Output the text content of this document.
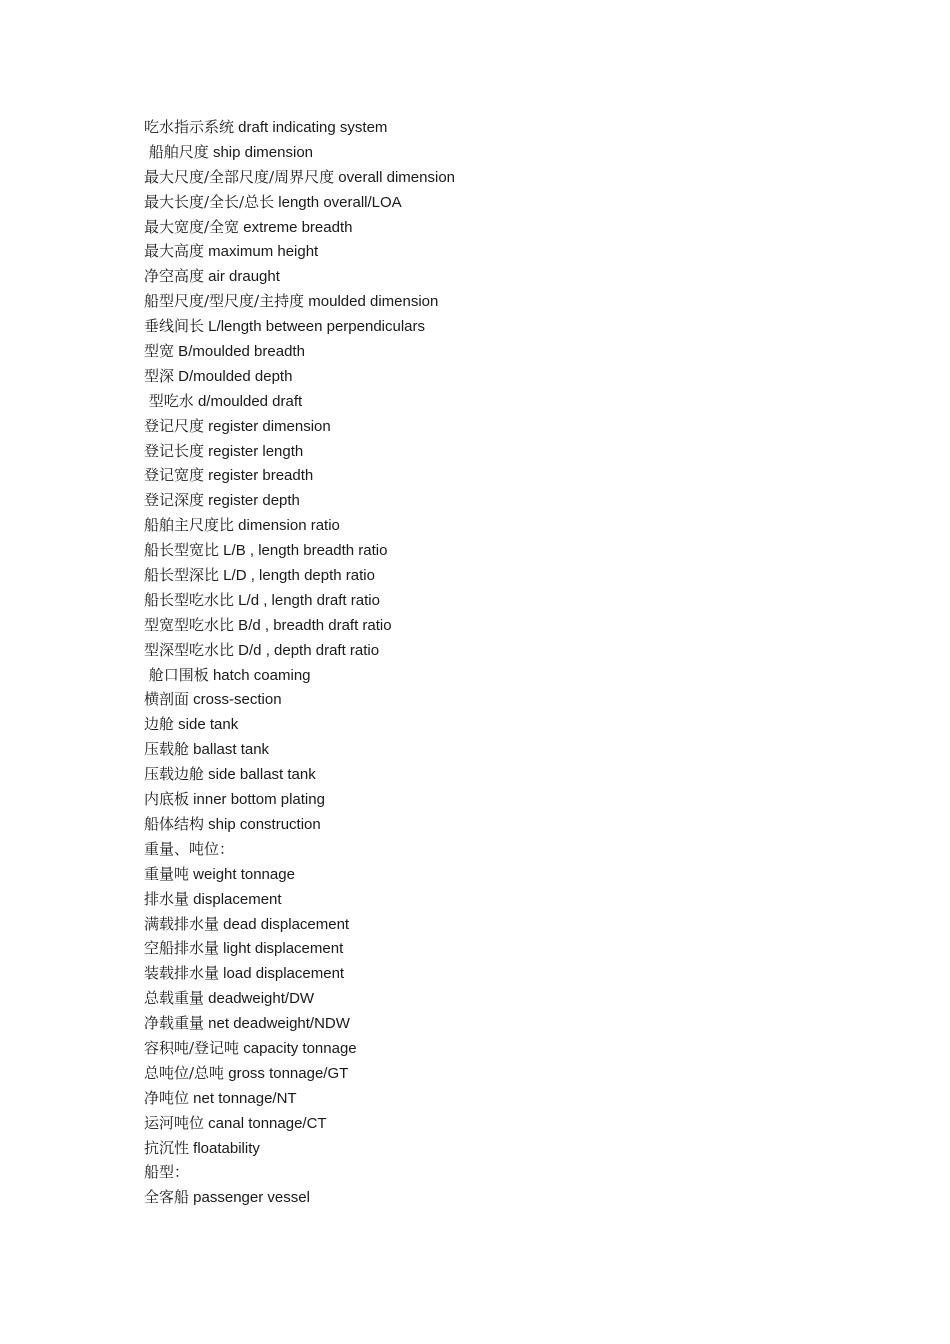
吃水指示系统 draft indicating system
船舶尺度 ship dimension
最大尺度/全部尺度/周界尺度 overall dimension
最大长度/全长/总长 length overall/LOA
最大宽度/全宽 extreme breadth
最大高度 maximum height
净空高度 air draught
船型尺度/型尺度/主持度 moulded dimension
垂线间长 L/length between perpendiculars
型宽 B/moulded breadth
型深 D/moulded depth
型吃水 d/moulded draft
登记尺度 register dimension
登记长度 register length
登记宽度 register breadth
登记深度 register depth
船舶主尺度比 dimension ratio
船长型宽比 L/B , length breadth ratio
船长型深比 L/D , length depth ratio
船长型吃水比 L/d , length draft ratio
型宽型吃水比 B/d , breadth draft ratio
型深型吃水比 D/d , depth draft ratio
舱口围板 hatch coaming
横剖面 cross-section
边舱 side tank
压载舱 ballast tank
压载边舱 side ballast tank
内底板 inner bottom plating
船体结构 ship construction
重量、吨位：
重量吨 weight tonnage
排水量 displacement
满载排水量 dead displacement
空船排水量 light displacement
装载排水量 load displacement
总载重量 deadweight/DW
净载重量 net deadweight/NDW
容积吨/登记吨 capacity tonnage
总吨位/总吨 gross tonnage/GT
净吨位 net tonnage/NT
运河吨位 canal tonnage/CT
抗沉性 floatability
船型：
全客船 passenger vessel
